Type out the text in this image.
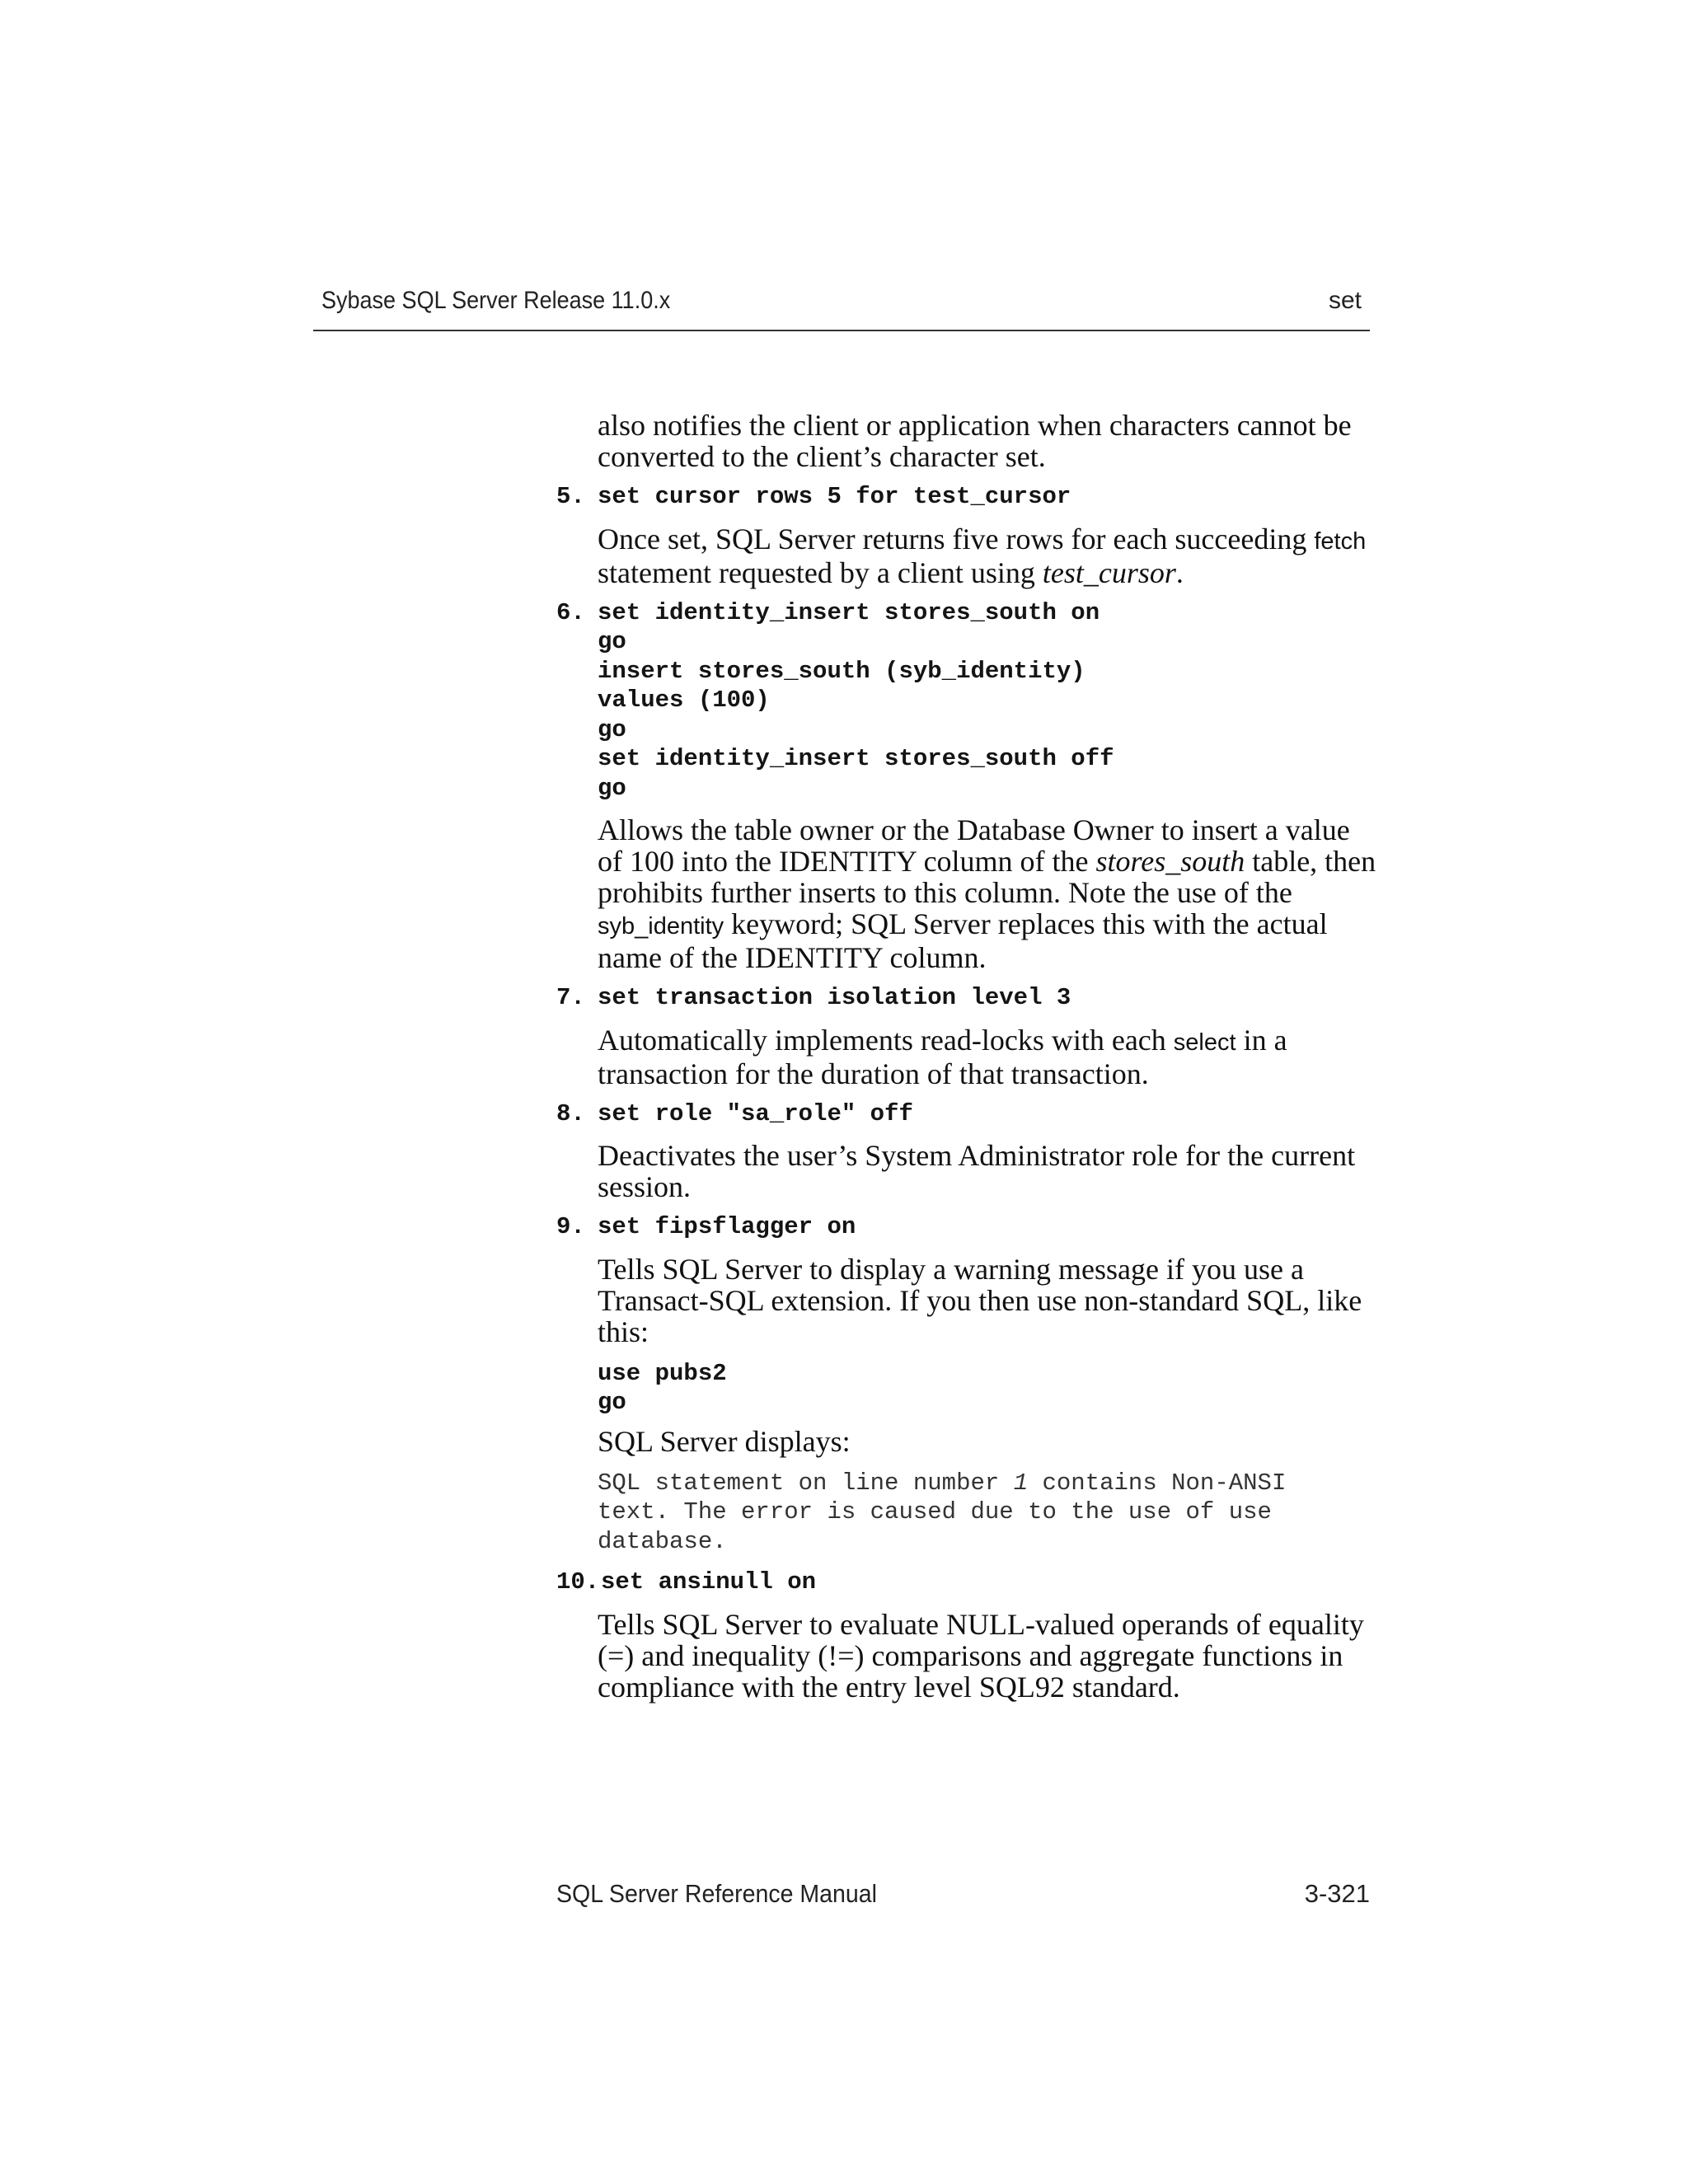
Sybase SQL Server Release 11.0.x	set

also notifies the client or application when characters cannot be
converted to the client’s character set.

5. set cursor rows 5 for test_cursor

Once set, SQL Server returns five rows for each succeeding fetch
statement requested by a client using test_cursor.

6. set identity_insert stores_south on
go
insert stores_south (syb_identity)
values (100)
go
set identity_insert stores_south off
go

Allows the table owner or the Database Owner to insert a value
of 100 into the IDENTITY column of the stores_south table, then
prohibits further inserts to this column. Note the use of the
syb_identity keyword; SQL Server replaces this with the actual
name of the IDENTITY column.

7. set transaction isolation level 3

Automatically implements read-locks with each select in a
transaction for the duration of that transaction.

8. set role "sa_role" off

Deactivates the user’s System Administrator role for the current
session.

9. set fipsflagger on

Tells SQL Server to display a warning message if you use a
Transact-SQL extension. If you then use non-standard SQL, like
this:

use pubs2
go

SQL Server displays:

SQL statement on line number 1 contains Non-ANSI
text. The error is caused due to the use of use
database.
10. set ansinull on

Tells SQL Server to evaluate NULL-valued operands of equality
(=) and inequality (!=) comparisons and aggregate functions in
compliance with the entry level SQL92 standard.

SQL Server Reference Manual	3-321
